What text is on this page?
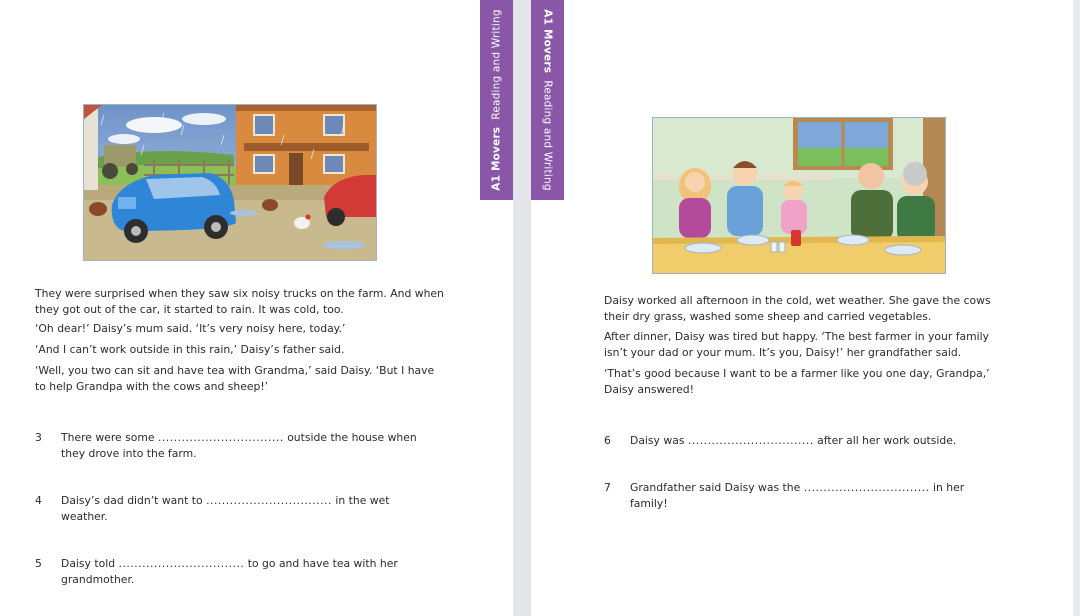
A1 Movers  Reading and Writing	A1 Movers  Reading and Writing

They were surprised when they saw six noisy trucks on the farm. And when
they got out of the car, it started to rain. It was cold, too.

‘Oh dear!’ Daisy’s mum said. ‘It’s very noisy here, today.’

‘And I can’t work outside in this rain,’ Daisy’s father said.

‘Well, you two can sit and have tea with Grandma,’ said Daisy. ‘But I have
to help Grandpa with the cows and sheep!’

3 There were some ................................ outside the house when
they drove into the farm.
4 Daisy’s dad didn’t want to ................................ in the wet
weather.
5 Daisy told ................................ to go and have tea with her
grandmother.

Daisy worked all afternoon in the cold, wet weather. She gave the cows
their dry grass, washed some sheep and carried vegetables.

After dinner, Daisy was tired but happy. ‘The best farmer in your family
isn’t your dad or your mum. It’s you, Daisy!’ her grandfather said.

‘That’s good because I want to be a farmer like you one day, Grandpa,’
Daisy answered!

6 Daisy was ................................ after all her work outside.
7 Grandfather said Daisy was the ................................ in her
family!
